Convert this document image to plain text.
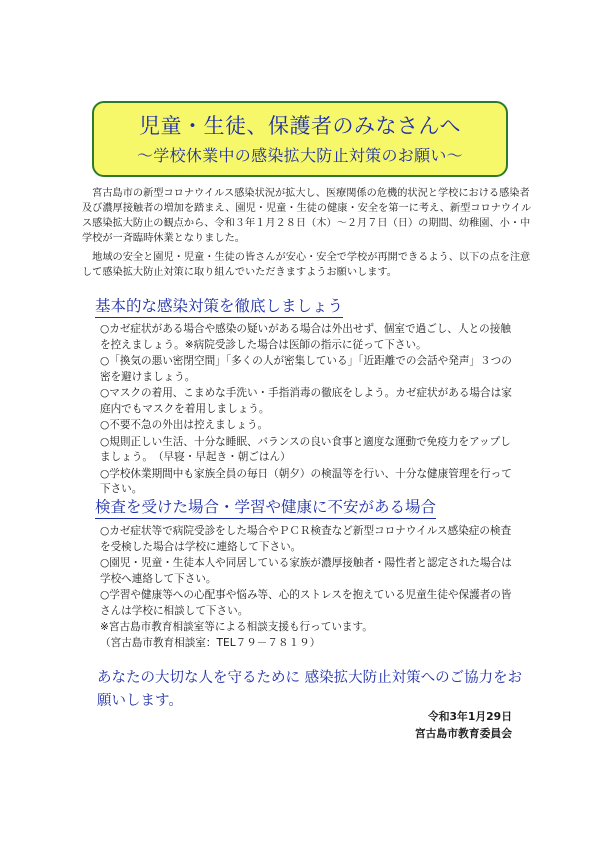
児童・生徒、保護者のみなさんへ
～学校休業中の感染拡大防止対策のお願い～

　宮古島市の新型コロナウイルス感染状況が拡大し、医療関係の危機的状況と学校における感染者及び濃厚接触者の増加を踏まえ、園児・児童・生徒の健康・安全を第一に考え、新型コロナウイルス感染拡大防止の観点から、令和３年１月２８日（木）～２月７日（日）の期間、幼稚園、小・中学校が一斉臨時休業となりました。

　地域の安全と園児・児童・生徒の皆さんが安心・安全で学校が再開できるよう、以下の点を注意して感染拡大防止対策に取り組んでいただきますようお願いします。

基本的な感染対策を徹底しましょう
○カゼ症状がある場合や感染の疑いがある場合は外出せず、個室で過ごし、人との接触を控えましょう。※病院受診した場合は医師の指示に従って下さい。
○「換気の悪い密閉空間」「多くの人が密集している」「近距離での会話や発声」３つの密を避けましょう。
○マスクの着用、こまめな手洗い・手指消毒の徹底をしよう。カゼ症状がある場合は家庭内でもマスクを着用しましょう。
○不要不急の外出は控えましょう。
○規則正しい生活、十分な睡眠、バランスの良い食事と適度な運動で免疫力をアップしましょう。　（早寝・早起き・朝ごはん）
○学校休業期間中も家族全員の毎日（朝夕）の検温等を行い、十分な健康管理を行って下さい。
検査を受けた場合・学習や健康に不安がある場合
○カゼ症状等で病院受診をした場合やＰＣＲ検査など新型コロナウイルス感染症の検査を受検した場合は学校に連絡して下さい。
○園児・児童・生徒本人や同居している家族が濃厚接触者・陽性者と認定された場合は学校へ連絡して下さい。
○学習や健康等への心配事や悩み等、心的ストレスを抱えている児童生徒や保護者の皆さんは学校に相談して下さい。
※宮古島市教育相談室等による相談支援も行っています。
（宮古島市教育相談室：TEL７９－７８１９）
あなたの大切な人を守るために 感染拡大防止対策へのご協力をお願いします。
令和3年1月29日
宮古島市教育委員会
